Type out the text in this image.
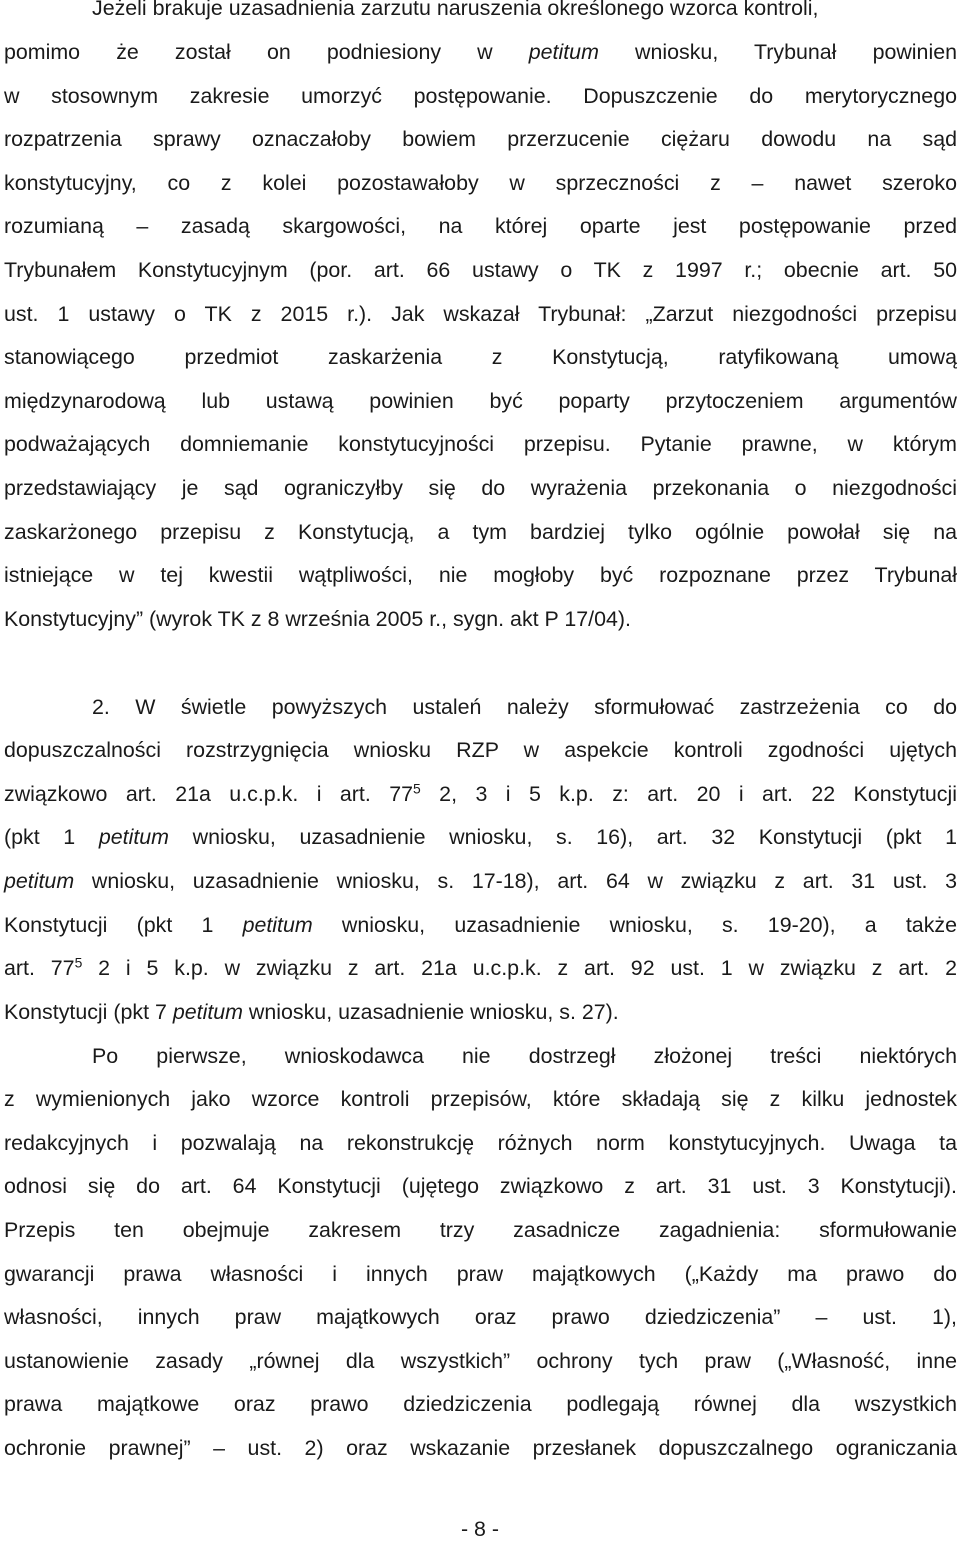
Jeżeli brakuje uzasadnienia zarzutu naruszenia określonego wzorca kontroli,
pomimo że został on podniesiony w petitum wniosku, Trybunał powinien
w stosownym zakresie umorzyć postępowanie. Dopuszczenie do merytorycznego
rozpatrzenia sprawy oznaczałoby bowiem przerzucenie ciężaru dowodu na sąd
konstytucyjny, co z kolei pozostawałoby w sprzeczności z – nawet szeroko
rozumianą – zasadą skargowości, na której oparte jest postępowanie przed
Trybunałem Konstytucyjnym (por. art. 66 ustawy o TK z 1997 r.; obecnie art. 50
ust. 1 ustawy o TK z 2015 r.). Jak wskazał Trybunał: „Zarzut niezgodności przepisu
stanowiącego przedmiot zaskarżenia z Konstytucją, ratyfikowaną umową
międzynarodową lub ustawą powinien być poparty przytoczeniem argumentów
podważających domniemanie konstytucyjności przepisu. Pytanie prawne, w którym
przedstawiający je sąd ograniczyłby się do wyrażenia przekonania o niezgodności
zaskarżonego przepisu z Konstytucją, a tym bardziej tylko ogólnie powołał się na
istniejące w tej kwestii wątpliwości, nie mogłoby być rozpoznane przez Trybunał
Konstytucyjny” (wyrok TK z 8 września 2005 r., sygn. akt P 17/04).
2. W świetle powyższych ustaleń należy sformułować zastrzeżenia co do
dopuszczalności rozstrzygnięcia wniosku RZP w aspekcie kontroli zgodności ujętych
związkowo art. 21a u.c.p.k. i art. $77^5$ 2, 3 i 5 k.p. z: art. 20 i art. 22 Konstytucji
(pkt 1 petitum wniosku, uzasadnienie wniosku, s. 16), art. 32 Konstytucji (pkt 1
petitum wniosku, uzasadnienie wniosku, s. 17-18), art. 64 w związku z art. 31 ust. 3
Konstytucji (pkt 1 petitum wniosku, uzasadnienie wniosku, s. 19-20), a także
art. $77^5$ 2 i 5 k.p. w związku z art. 21a u.c.p.k. z art. 92 ust. 1 w związku z art. 2
Konstytucji (pkt 7 petitum wniosku, uzasadnienie wniosku, s. 27).
Po pierwsze, wnioskodawca nie dostrzegł złożonej treści niektórych
z wymienionych jako wzorce kontroli przepisów, które składają się z kilku jednostek
redakcyjnych i pozwalają na rekonstrukcję różnych norm konstytucyjnych. Uwaga ta
odnosi się do art. 64 Konstytucji (ujętego związkowo z art. 31 ust. 3 Konstytucji).
Przepis ten obejmuje zakresem trzy zasadnicze zagadnienia: sformułowanie
gwarancji prawa własności i innych praw majątkowych („Każdy ma prawo do
własności, innych praw majątkowych oraz prawo dziedziczenia” – ust. 1),
ustanowienie zasady „równej dla wszystkich” ochrony tych praw („Własność, inne
prawa majątkowe oraz prawo dziedziczenia podlegają równej dla wszystkich
ochronie prawnej” – ust. 2) oraz wskazanie przesłanek dopuszczalnego ograniczania
- 8 -
